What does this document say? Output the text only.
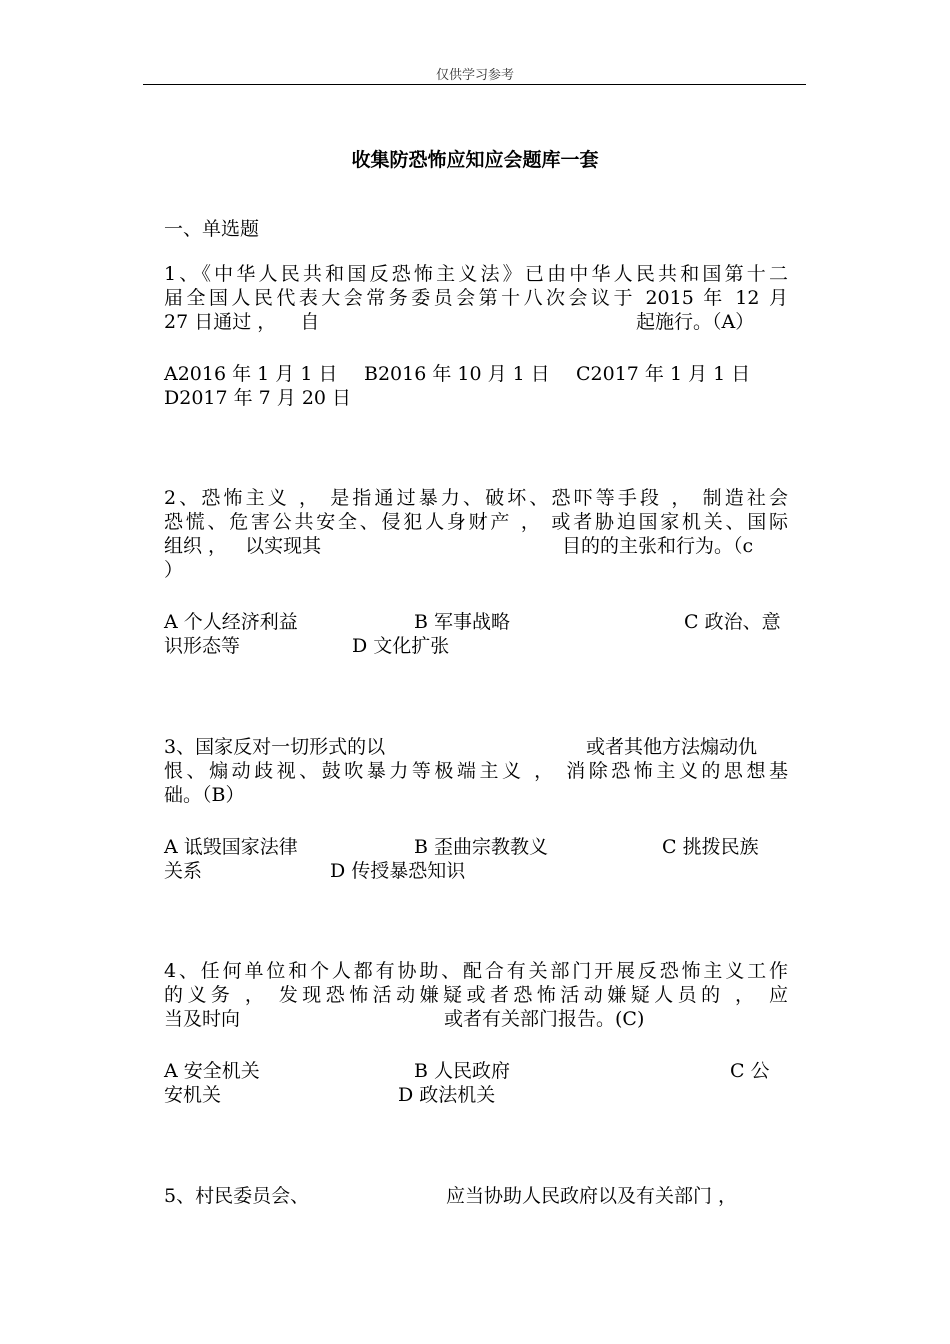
仅供学习参考
收集防恐怖应知应会题库一套
一、单选题
1、《中华人民共和国反恐怖主义法》已由中华人民共和国第十二
届全国人民代表大会常务委员会第十八次会议于 2015 年 12 月

27 日通过 ，    自

	起施行。（A）

A2016 年 1 月 1 日

B2016 年 10 月 1 日

C2017 年 1 月 1 日

D2017 年 7 月 20 日

2、恐怖主义 ， 是指通过暴力、破坏、恐吓等手段 ， 制造社会
恐慌、危害公共安全、侵犯人身财产 ， 或者胁迫国家机关、国际

组织 ，   以实现其

	目的的主张和行为。（c

）

A 个人经济利益

	B 军事战略

	C 政治、意

识形态等

	D 文化扩张

3、国家反对一切形式的以

	或者其他方法煽动仇

恨、煽动歧视、鼓吹暴力等极端主义 ， 消除恐怖主义的思想基
础。（B）

A 诋毁国家法律

	B 歪曲宗教教义

	C 挑拨民族

关系

	D 传授暴恐知识

4、任何单位和个人都有协助、配合有关部门开展反恐怖主义工作
的义务 ， 发现恐怖活动嫌疑或者恐怖活动嫌疑人员的 ， 应

当及时向

	或者有关部门报告。(C)

A 安全机关

	B 人民政府

	C 公

安机关

	D 政法机关

5、村民委员会、

	应当协助人民政府以及有关部门 ，
